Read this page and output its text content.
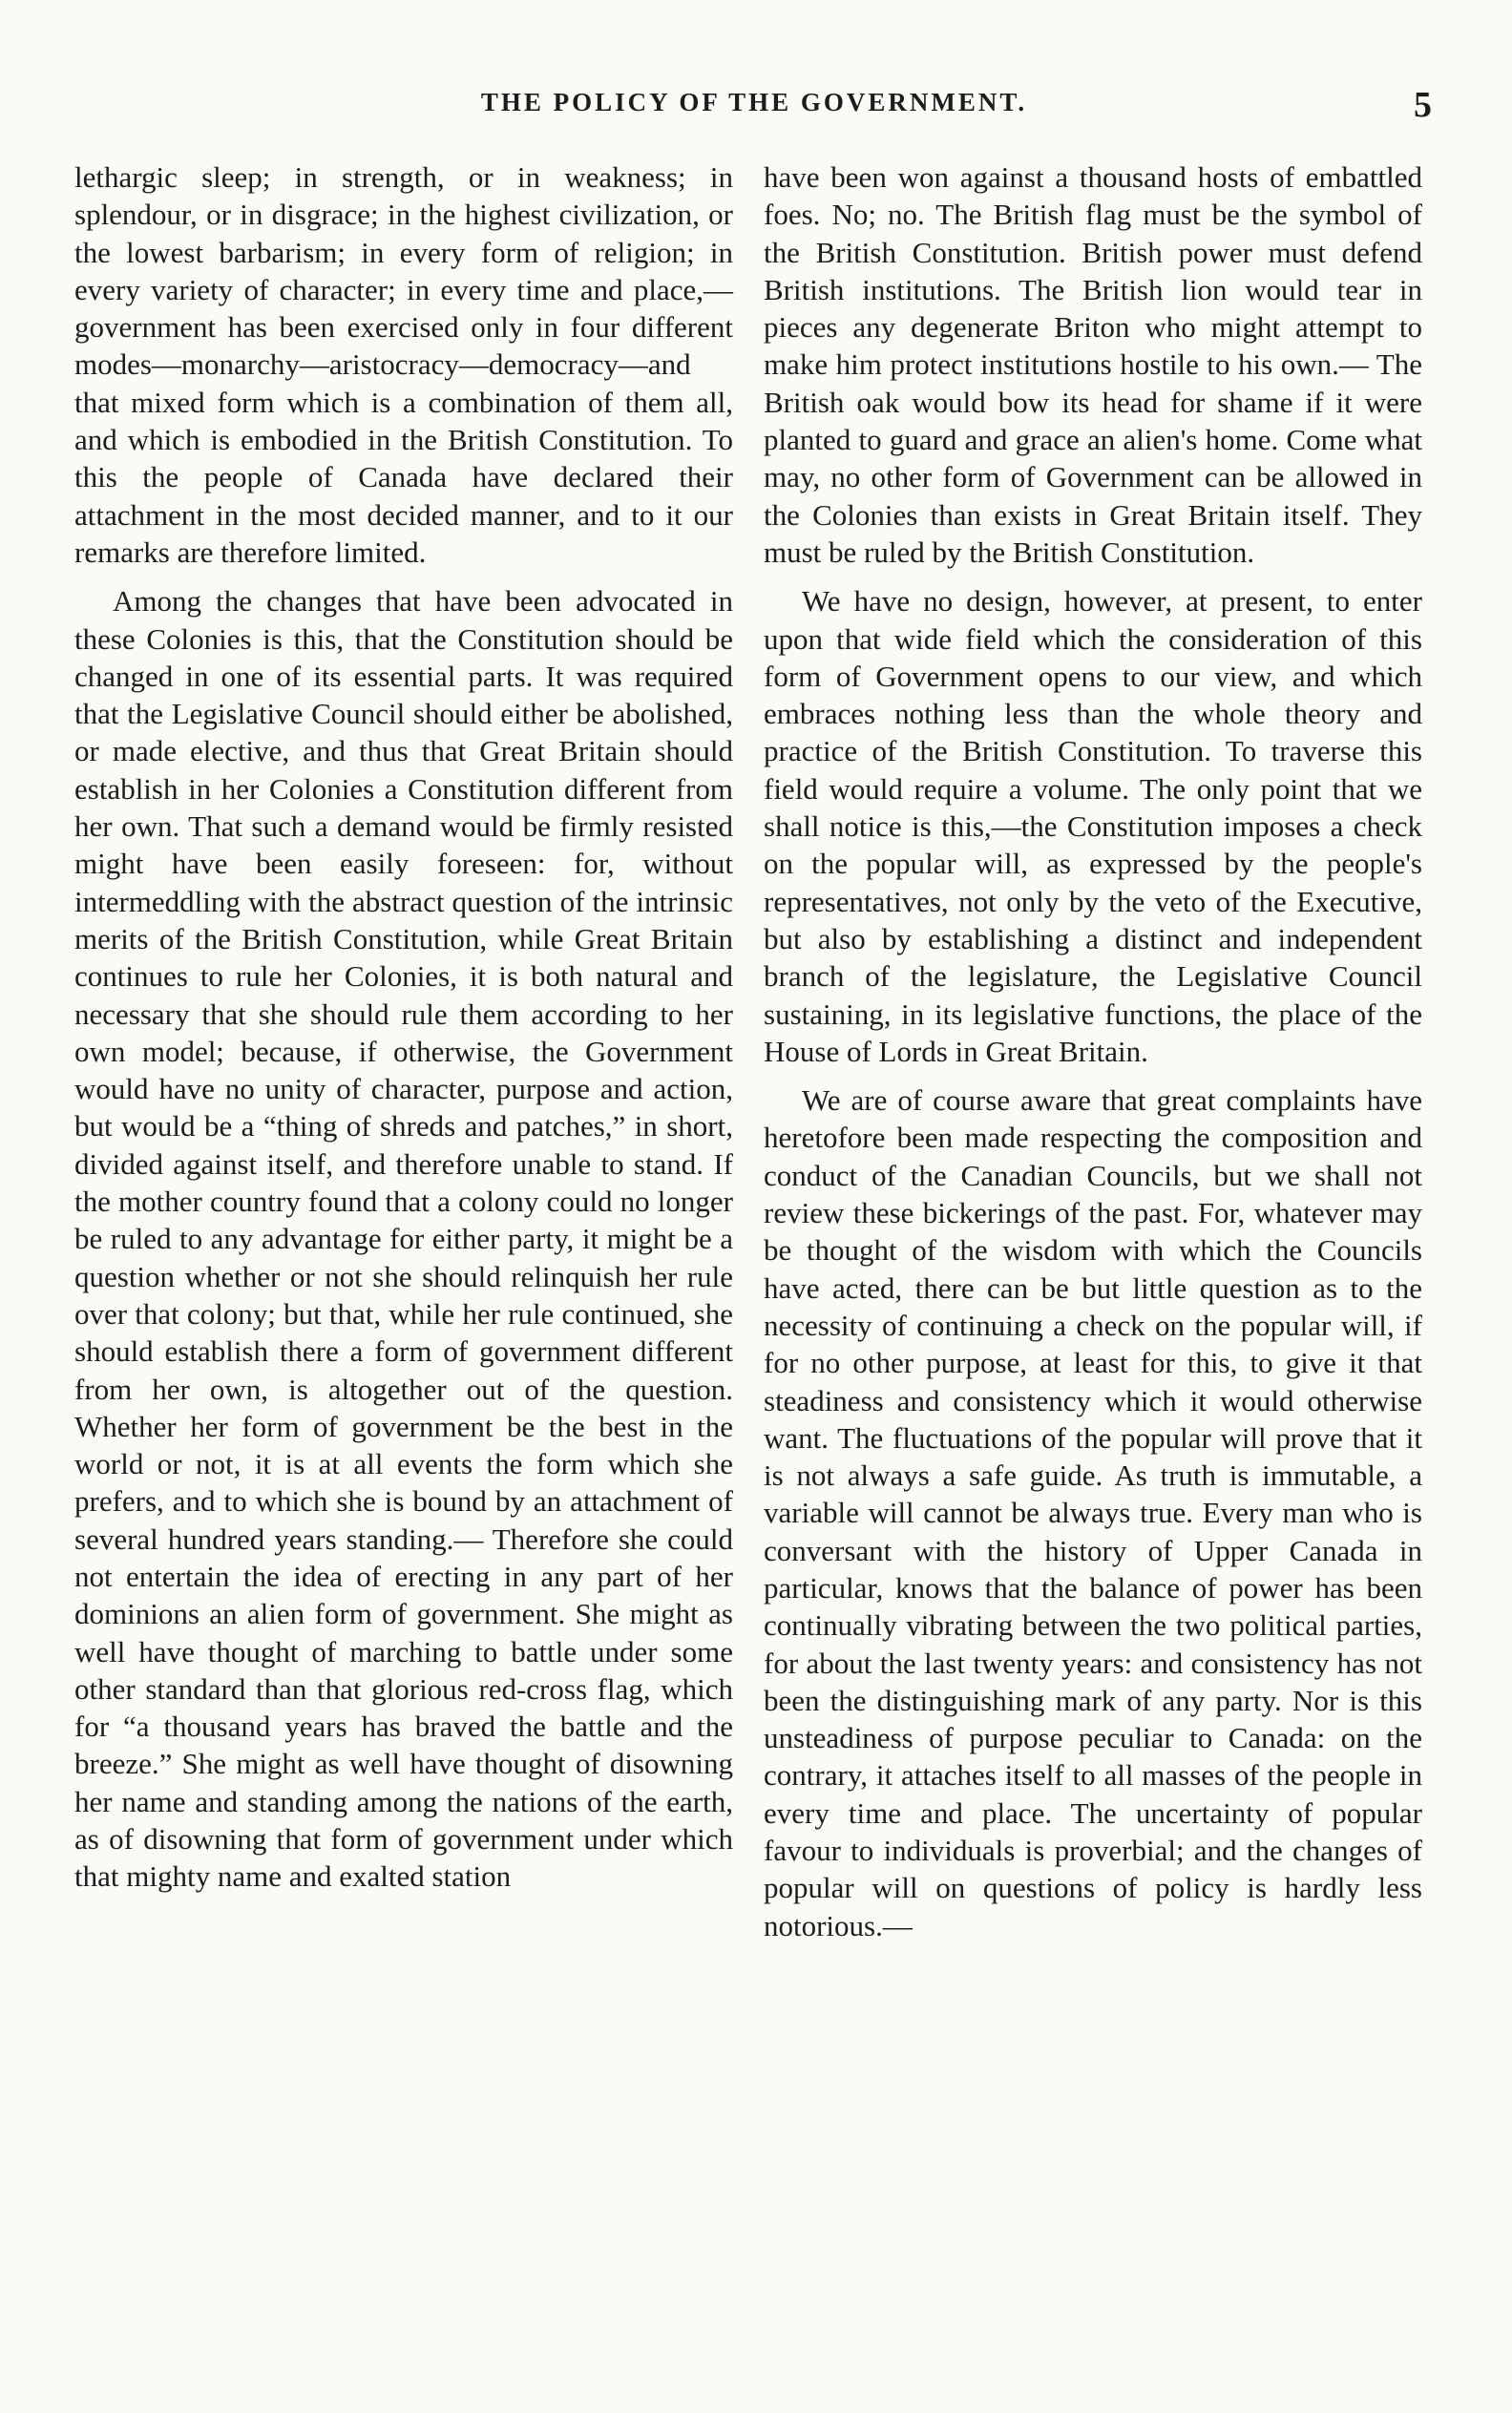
THE POLICY OF THE GOVERNMENT.	5

lethargic sleep; in strength, or in weakness; in splendour, or in disgrace; in the highest civilization, or the lowest barbarism; in every form of religion; in every variety of character; in every time and place,—government has been exercised only in four different modes—monarchy—aristocracy—democracy—and that mixed form which is a combination of them all, and which is embodied in the British Constitution. To this the people of Canada have declared their attachment in the most decided manner, and to it our remarks are therefore limited.

Among the changes that have been advocated in these Colonies is this, that the Constitution should be changed in one of its essential parts. It was required that the Legislative Council should either be abolished, or made elective, and thus that Great Britain should establish in her Colonies a Constitution different from her own. That such a demand would be firmly resisted might have been easily foreseen: for, without intermeddling with the abstract question of the intrinsic merits of the British Constitution, while Great Britain continues to rule her Colonies, it is both natural and necessary that she should rule them according to her own model; because, if otherwise, the Government would have no unity of character, purpose and action, but would be a “thing of shreds and patches,” in short, divided against itself, and therefore unable to stand. If the mother country found that a colony could no longer be ruled to any advantage for either party, it might be a question whether or not she should relinquish her rule over that colony; but that, while her rule continued, she should establish there a form of government different from her own, is altogether out of the question. Whether her form of government be the best in the world or not, it is at all events the form which she prefers, and to which she is bound by an attachment of several hundred years standing.— Therefore she could not entertain the idea of erecting in any part of her dominions an alien form of government. She might as well have thought of marching to battle under some other standard than that glorious red-cross flag, which for “a thousand years has braved the battle and the breeze.” She might as well have thought of disowning her name and standing among the nations of the earth, as of disowning that form of government under which that mighty name and exalted station

have been won against a thousand hosts of embattled foes. No; no. The British flag must be the symbol of the British Constitution. British power must defend British institutions. The British lion would tear in pieces any degenerate Briton who might attempt to make him protect institutions hostile to his own.— The British oak would bow its head for shame if it were planted to guard and grace an alien's home. Come what may, no other form of Government can be allowed in the Colonies than exists in Great Britain itself. They must be ruled by the British Constitution.

We have no design, however, at present, to enter upon that wide field which the consideration of this form of Government opens to our view, and which embraces nothing less than the whole theory and practice of the British Constitution. To traverse this field would require a volume. The only point that we shall notice is this,—the Constitution imposes a check on the popular will, as expressed by the people's representatives, not only by the veto of the Executive, but also by establishing a distinct and independent branch of the legislature, the Legislative Council sustaining, in its legislative functions, the place of the House of Lords in Great Britain.

We are of course aware that great complaints have heretofore been made respecting the composition and conduct of the Canadian Councils, but we shall not review these bickerings of the past. For, whatever may be thought of the wisdom with which the Councils have acted, there can be but little question as to the necessity of continuing a check on the popular will, if for no other purpose, at least for this, to give it that steadiness and consistency which it would otherwise want. The fluctuations of the popular will prove that it is not always a safe guide. As truth is immutable, a variable will cannot be always true. Every man who is conversant with the history of Upper Canada in particular, knows that the balance of power has been continually vibrating between the two political parties, for about the last twenty years: and consistency has not been the distinguishing mark of any party. Nor is this unsteadiness of purpose peculiar to Canada: on the contrary, it attaches itself to all masses of the people in every time and place. The uncertainty of popular favour to individuals is proverbial; and the changes of popular will on questions of policy is hardly less notorious.—
